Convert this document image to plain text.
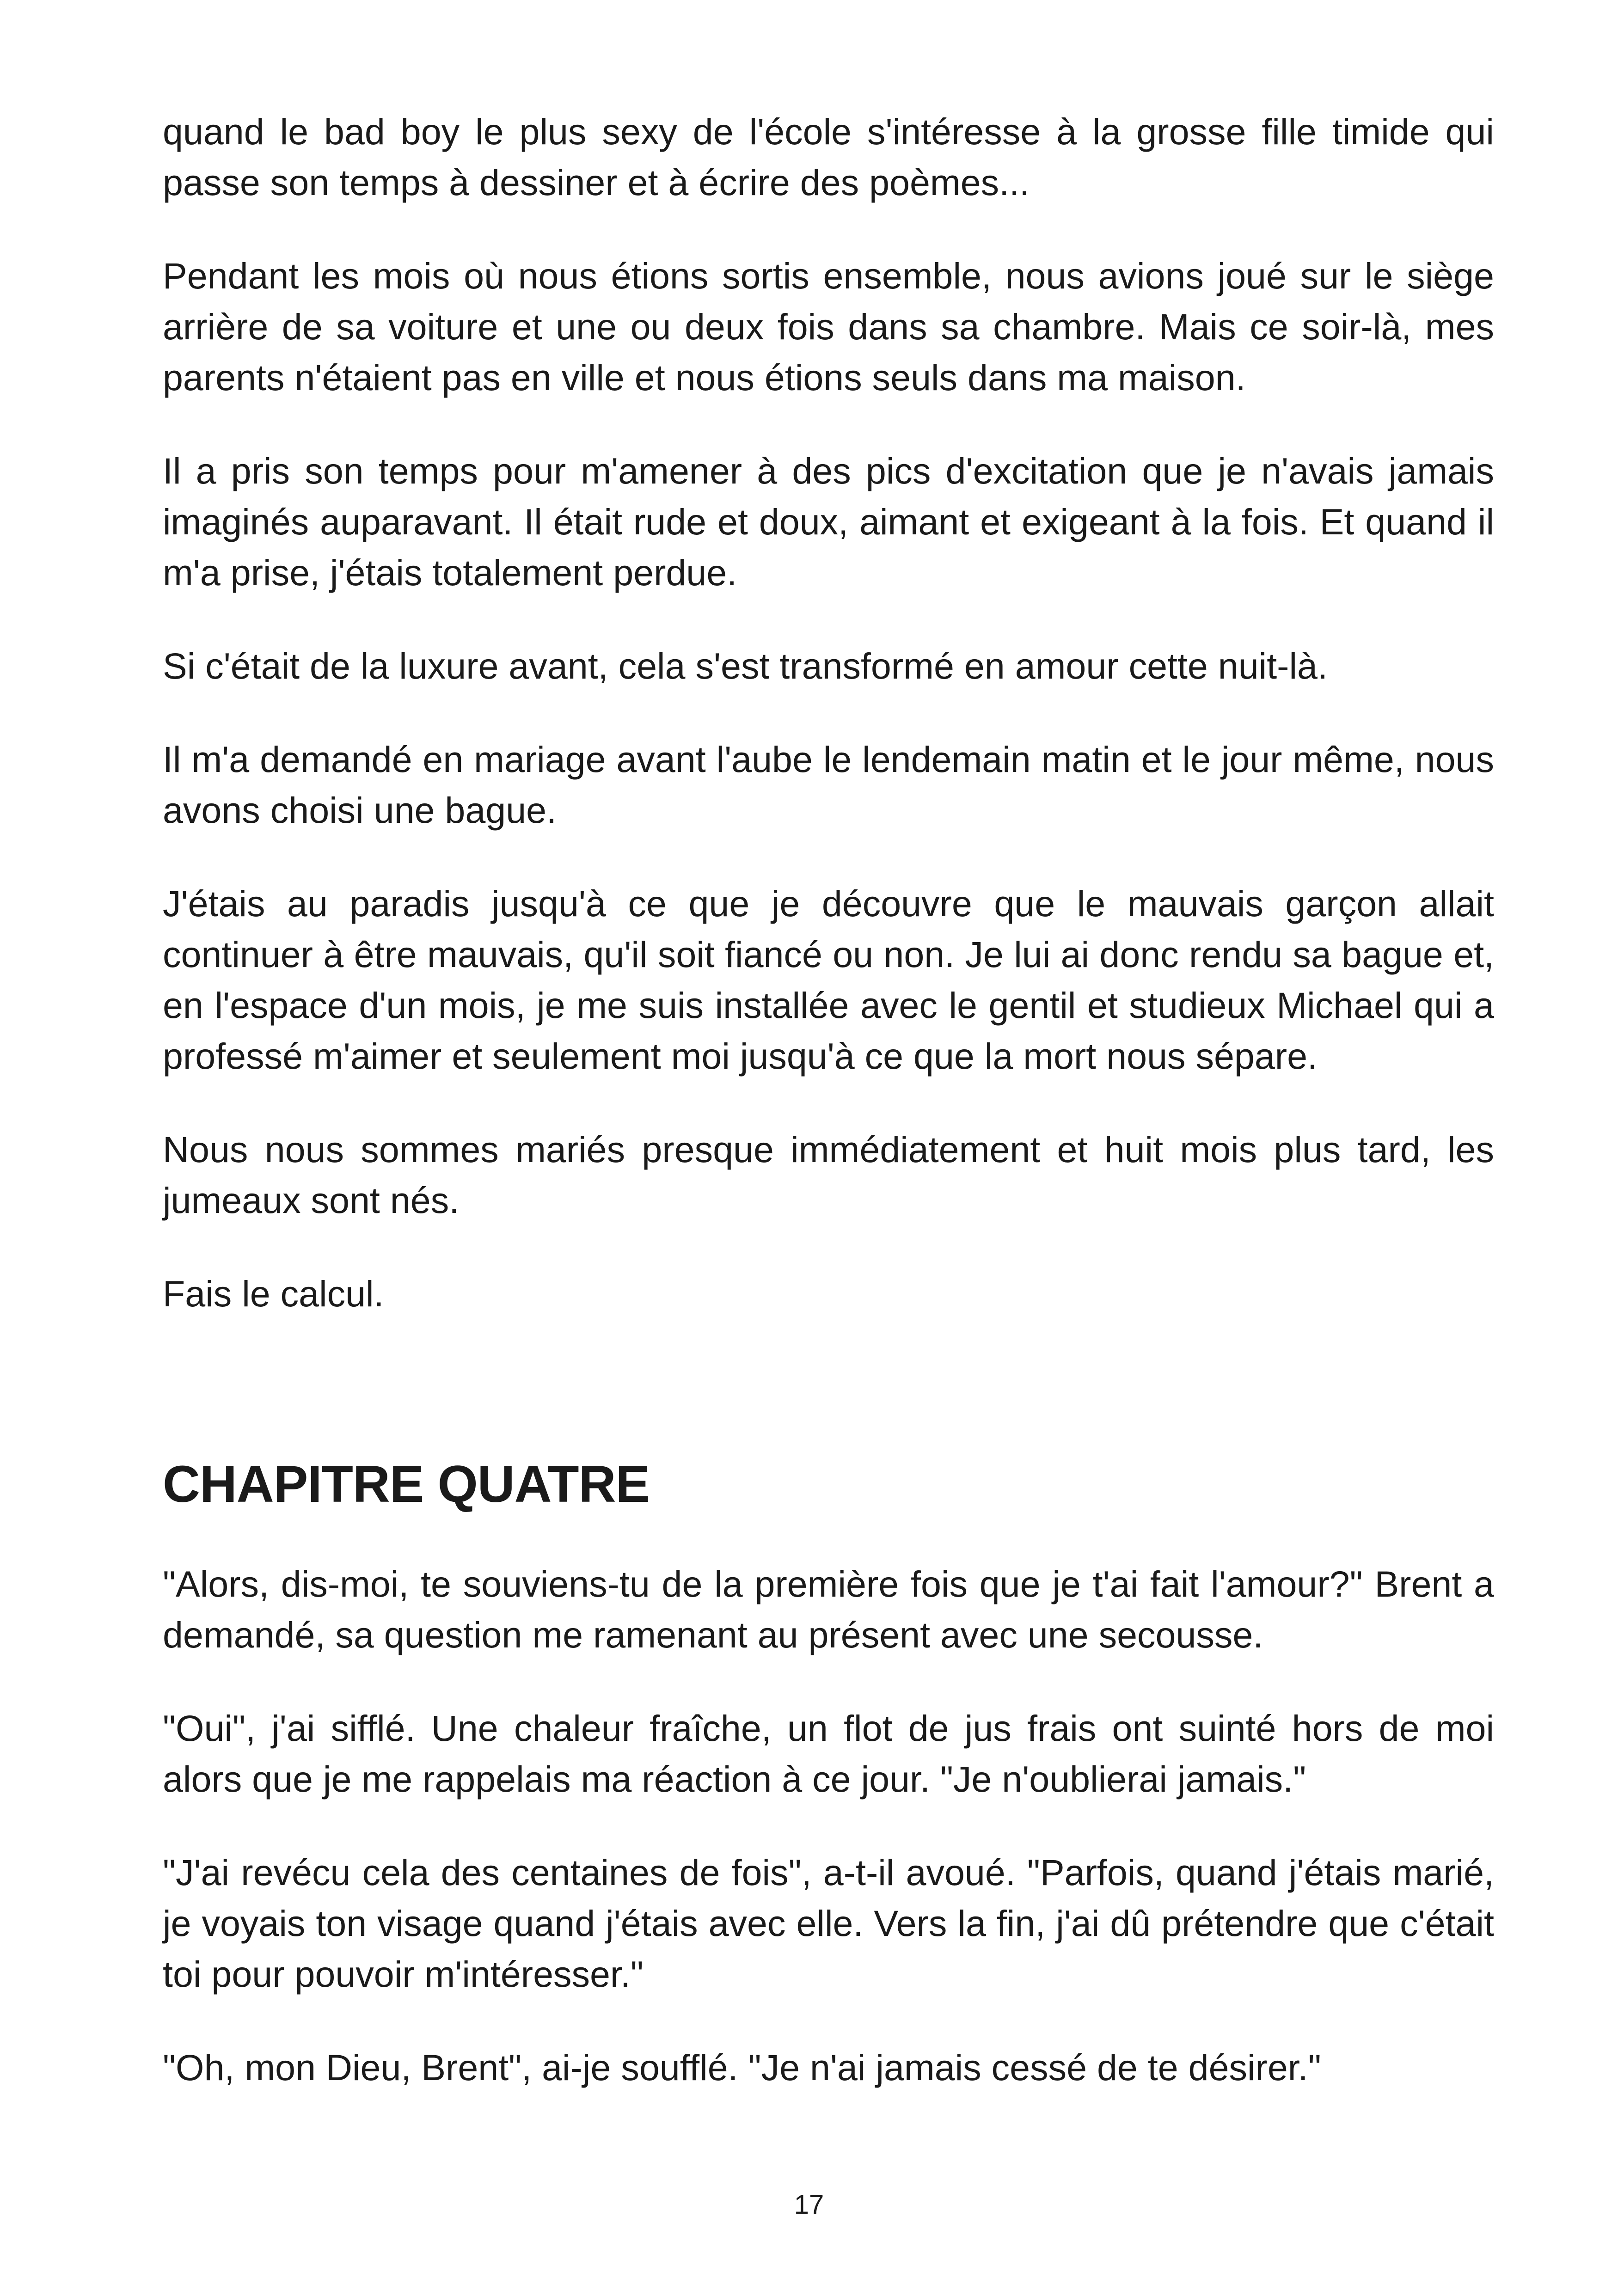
quand le bad boy le plus sexy de l'école s'intéresse à la grosse fille timide qui passe son temps à dessiner et à écrire des poèmes...

Pendant les mois où nous étions sortis ensemble, nous avions joué sur le siège arrière de sa voiture et une ou deux fois dans sa chambre. Mais ce soir-là, mes parents n'étaient pas en ville et nous étions seuls dans ma maison.

Il a pris son temps pour m'amener à des pics d'excitation que je n'avais jamais imaginés auparavant. Il était rude et doux, aimant et exigeant à la fois. Et quand il m'a prise, j'étais totalement perdue.

Si c'était de la luxure avant, cela s'est transformé en amour cette nuit-là.

Il m'a demandé en mariage avant l'aube le lendemain matin et le jour même, nous avons choisi une bague.

J'étais au paradis jusqu'à ce que je découvre que le mauvais garçon allait continuer à être mauvais, qu'il soit fiancé ou non. Je lui ai donc rendu sa bague et, en l'espace d'un mois, je me suis installée avec le gentil et studieux Michael qui a professé m'aimer et seulement moi jusqu'à ce que la mort nous sépare.

Nous nous sommes mariés presque immédiatement et huit mois plus tard, les jumeaux sont nés.

Fais le calcul.

CHAPITRE QUATRE

"Alors, dis-moi, te souviens-tu de la première fois que je t'ai fait l'amour?" Brent a demandé, sa question me ramenant au présent avec une secousse.

"Oui", j'ai sifflé. Une chaleur fraîche, un flot de jus frais ont suinté hors de moi alors que je me rappelais ma réaction à ce jour. "Je n'oublierai jamais."

"J'ai revécu cela des centaines de fois", a-t-il avoué. "Parfois, quand j'étais marié, je voyais ton visage quand j'étais avec elle. Vers la fin, j'ai dû prétendre que c'était toi pour pouvoir m'intéresser."

"Oh, mon Dieu, Brent", ai-je soufflé. "Je n'ai jamais cessé de te désirer."

17
